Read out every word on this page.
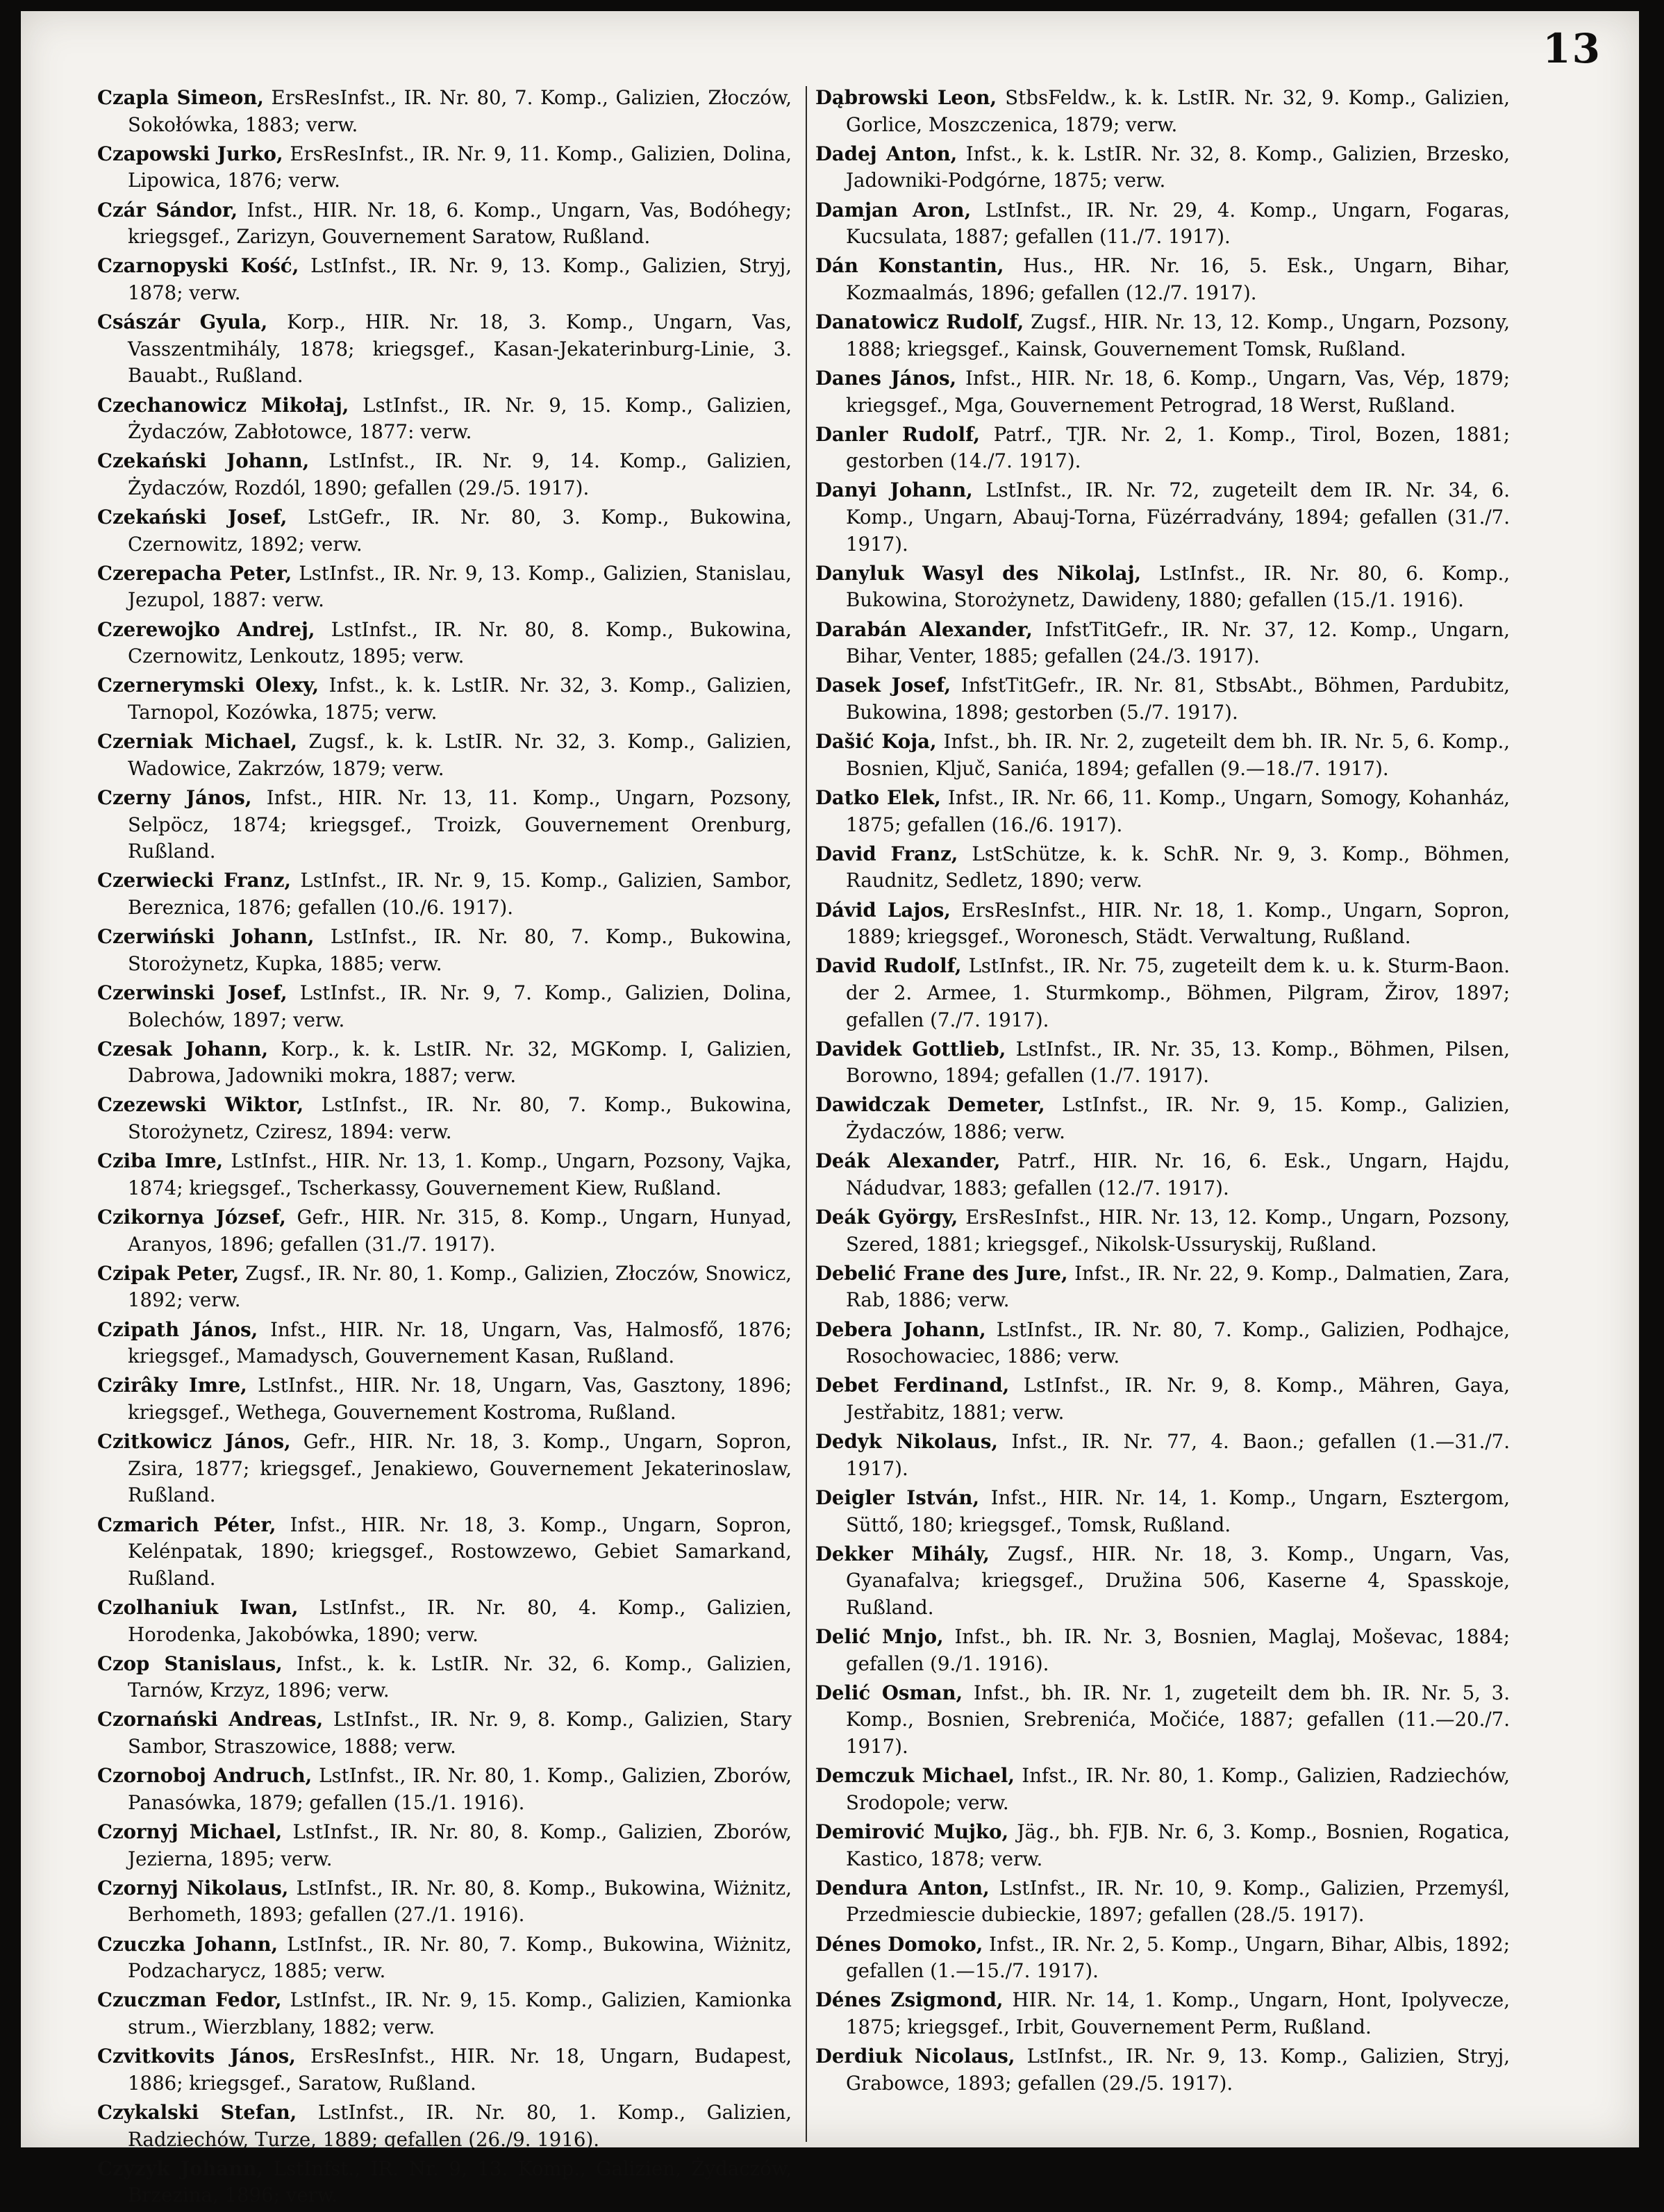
13

Czapla Simeon, ErsResInfst., IR. Nr. 80, 7. Komp., Galizien, Złoczów, Sokołówka, 1883; verw.

Czapowski Jurko, ErsResInfst., IR. Nr. 9, 11. Komp., Galizien, Dolina, Lipowica, 1876; verw.

Czár Sándor, Infst., HIR. Nr. 18, 6. Komp., Ungarn, Vas, Bodóhegy; kriegsgef., Zarizyn, Gouvernement Saratow, Rußland.

Czarnopyski Kość, LstInfst., IR. Nr. 9, 13. Komp., Galizien, Stryj, 1878; verw.

Császár Gyula, Korp., HIR. Nr. 18, 3. Komp., Ungarn, Vas, Vasszentmihály, 1878; kriegsgef., Kasan-Jekaterinburg-Linie, 3. Bauabt., Rußland.

Czechanowicz Mikołaj, LstInfst., IR. Nr. 9, 15. Komp., Galizien, Żydaczów, Zabłotowce, 1877: verw.

Czekański Johann, LstInfst., IR. Nr. 9, 14. Komp., Galizien, Żydaczów, Rozdól, 1890; gefallen (29./5. 1917).

Czekański Josef, LstGefr., IR. Nr. 80, 3. Komp., Bukowina, Czernowitz, 1892; verw.

Czerepacha Peter, LstInfst., IR. Nr. 9, 13. Komp., Galizien, Stanislau, Jezupol, 1887: verw.

Czerewojko Andrej, LstInfst., IR. Nr. 80, 8. Komp., Bukowina, Czernowitz, Lenkoutz, 1895; verw.

Czernerymski Olexy, Infst., k. k. LstIR. Nr. 32, 3. Komp., Galizien, Tarnopol, Kozówka, 1875; verw.

Czerniak Michael, Zugsf., k. k. LstIR. Nr. 32, 3. Komp., Galizien, Wadowice, Zakrzów, 1879; verw.

Czerny János, Infst., HIR. Nr. 13, 11. Komp., Ungarn, Pozsony, Selpöcz, 1874; kriegsgef., Troizk, Gouvernement Orenburg, Rußland.

Czerwiecki Franz, LstInfst., IR. Nr. 9, 15. Komp., Galizien, Sambor, Bereznica, 1876; gefallen (10./6. 1917).

Czerwiński Johann, LstInfst., IR. Nr. 80, 7. Komp., Bukowina, Storożynetz, Kupka, 1885; verw.

Czerwinski Josef, LstInfst., IR. Nr. 9, 7. Komp., Galizien, Dolina, Bolechów, 1897; verw.

Czesak Johann, Korp., k. k. LstIR. Nr. 32, MGKomp. I, Galizien, Dabrowa, Jadowniki mokra, 1887; verw.

Czezewski Wiktor, LstInfst., IR. Nr. 80, 7. Komp., Bukowina, Storożynetz, Cziresz, 1894: verw.

Cziba Imre, LstInfst., HIR. Nr. 13, 1. Komp., Ungarn, Pozsony, Vajka, 1874; kriegsgef., Tscherkassy, Gouvernement Kiew, Rußland.

Czikornya József, Gefr., HIR. Nr. 315, 8. Komp., Ungarn, Hunyad, Aranyos, 1896; gefallen (31./7. 1917).

Czipak Peter, Zugsf., IR. Nr. 80, 1. Komp., Galizien, Złoczów, Snowicz, 1892; verw.

Czipath János, Infst., HIR. Nr. 18, Ungarn, Vas, Halmosfő, 1876; kriegsgef., Mamadysch, Gouvernement Kasan, Rußland.

Czirâky Imre, LstInfst., HIR. Nr. 18, Ungarn, Vas, Gasztony, 1896; kriegsgef., Wethega, Gouvernement Kostroma, Rußland.

Czitkowicz János, Gefr., HIR. Nr. 18, 3. Komp., Ungarn, Sopron, Zsira, 1877; kriegsgef., Jenakiewo, Gouvernement Jekaterinoslaw, Rußland.

Czmarich Péter, Infst., HIR. Nr. 18, 3. Komp., Ungarn, Sopron, Kelénpatak, 1890; kriegsgef., Rostowzewo, Gebiet Samarkand, Rußland.

Czolhaniuk Iwan, LstInfst., IR. Nr. 80, 4. Komp., Galizien, Horodenka, Jakobówka, 1890; verw.

Czop Stanislaus, Infst., k. k. LstIR. Nr. 32, 6. Komp., Galizien, Tarnów, Krzyz, 1896; verw.

Czornański Andreas, LstInfst., IR. Nr. 9, 8. Komp., Galizien, Stary Sambor, Straszowice, 1888; verw.

Czornoboj Andruch, LstInfst., IR. Nr. 80, 1. Komp., Galizien, Zborów, Panasówka, 1879; gefallen (15./1. 1916).

Czornyj Michael, LstInfst., IR. Nr. 80, 8. Komp., Galizien, Zborów, Jezierna, 1895; verw.

Czornyj Nikolaus, LstInfst., IR. Nr. 80, 8. Komp., Bukowina, Wiżnitz, Berhometh, 1893; gefallen (27./1. 1916).

Czuczka Johann, LstInfst., IR. Nr. 80, 7. Komp., Bukowina, Wiżnitz, Podzacharycz, 1885; verw.

Czuczman Fedor, LstInfst., IR. Nr. 9, 15. Komp., Galizien, Kamionka strum., Wierzblany, 1882; verw.

Czvitkovits János, ErsResInfst., HIR. Nr. 18, Ungarn, Budapest, 1886; kriegsgef., Saratow, Rußland.

Czykalski Stefan, LstInfst., IR. Nr. 80, 1. Komp., Galizien, Radziechów, Turze, 1889; gefallen (26./9. 1916).

Czyzyk Johann, LstInfst., IR. Nr. 9, 13. Komp., Galizien, Żydaczów, Brzezina, 1896; verw.

Dąbrowski Leon, StbsFeldw., k. k. LstIR. Nr. 32, 9. Komp., Galizien, Gorlice, Moszczenica, 1879; verw.

Dadej Anton, Infst., k. k. LstIR. Nr. 32, 8. Komp., Galizien, Brzesko, Jadowniki-Podgórne, 1875; verw.

Damjan Aron, LstInfst., IR. Nr. 29, 4. Komp., Ungarn, Fogaras, Kucsulata, 1887; gefallen (11./7. 1917).

Dán Konstantin, Hus., HR. Nr. 16, 5. Esk., Ungarn, Bihar, Kozmaalmás, 1896; gefallen (12./7. 1917).

Danatowicz Rudolf, Zugsf., HIR. Nr. 13, 12. Komp., Ungarn, Pozsony, 1888; kriegsgef., Kainsk, Gouvernement Tomsk, Rußland.

Danes János, Infst., HIR. Nr. 18, 6. Komp., Ungarn, Vas, Vép, 1879; kriegsgef., Mga, Gouvernement Petrograd, 18 Werst, Rußland.

Danler Rudolf, Patrf., TJR. Nr. 2, 1. Komp., Tirol, Bozen, 1881; gestorben (14./7. 1917).

Danyi Johann, LstInfst., IR. Nr. 72, zugeteilt dem IR. Nr. 34, 6. Komp., Ungarn, Abauj-Torna, Füzérradvány, 1894; gefallen (31./7. 1917).

Danyluk Wasyl des Nikolaj, LstInfst., IR. Nr. 80, 6. Komp., Bukowina, Storożynetz, Dawideny, 1880; gefallen (15./1. 1916).

Darabán Alexander, InfstTitGefr., IR. Nr. 37, 12. Komp., Ungarn, Bihar, Venter, 1885; gefallen (24./3. 1917).

Dasek Josef, InfstTitGefr., IR. Nr. 81, StbsAbt., Böhmen, Pardubitz, Bukowina, 1898; gestorben (5./7. 1917).

Dašić Koja, Infst., bh. IR. Nr. 2, zugeteilt dem bh. IR. Nr. 5, 6. Komp., Bosnien, Ključ, Sanića, 1894; gefallen (9.—18./7. 1917).

Datko Elek, Infst., IR. Nr. 66, 11. Komp., Ungarn, Somogy, Kohanház, 1875; gefallen (16./6. 1917).

David Franz, LstSchütze, k. k. SchR. Nr. 9, 3. Komp., Böhmen, Raudnitz, Sedletz, 1890; verw.

Dávid Lajos, ErsResInfst., HIR. Nr. 18, 1. Komp., Ungarn, Sopron, 1889; kriegsgef., Woronesch, Städt. Verwaltung, Rußland.

David Rudolf, LstInfst., IR. Nr. 75, zugeteilt dem k. u. k. Sturm-Baon. der 2. Armee, 1. Sturmkomp., Böhmen, Pilgram, Žirov, 1897; gefallen (7./7. 1917).

Davidek Gottlieb, LstInfst., IR. Nr. 35, 13. Komp., Böhmen, Pilsen, Borowno, 1894; gefallen (1./7. 1917).

Dawidczak Demeter, LstInfst., IR. Nr. 9, 15. Komp., Galizien, Żydaczów, 1886; verw.

Deák Alexander, Patrf., HIR. Nr. 16, 6. Esk., Ungarn, Hajdu, Nádudvar, 1883; gefallen (12./7. 1917).

Deák György, ErsResInfst., HIR. Nr. 13, 12. Komp., Ungarn, Pozsony, Szered, 1881; kriegsgef., Nikolsk-Ussuryskij, Rußland.

Debelić Frane des Jure, Infst., IR. Nr. 22, 9. Komp., Dalmatien, Zara, Rab, 1886; verw.

Debera Johann, LstInfst., IR. Nr. 80, 7. Komp., Galizien, Podhajce, Rosochowaciec, 1886; verw.

Debet Ferdinand, LstInfst., IR. Nr. 9, 8. Komp., Mähren, Gaya, Jestřabitz, 1881; verw.

Dedyk Nikolaus, Infst., IR. Nr. 77, 4. Baon.; gefallen (1.—31./7. 1917).

Deigler István, Infst., HIR. Nr. 14, 1. Komp., Ungarn, Esztergom, Süttő, 180; kriegsgef., Tomsk, Rußland.

Dekker Mihály, Zugsf., HIR. Nr. 18, 3. Komp., Ungarn, Vas, Gyanafalva; kriegsgef., Družina 506, Kaserne 4, Spasskoje, Rußland.

Delić Mnjo, Infst., bh. IR. Nr. 3, Bosnien, Maglaj, Moševac, 1884; gefallen (9./1. 1916).

Delić Osman, Infst., bh. IR. Nr. 1, zugeteilt dem bh. IR. Nr. 5, 3. Komp., Bosnien, Srebrenića, Močiće, 1887; gefallen (11.—20./7. 1917).

Demczuk Michael, Infst., IR. Nr. 80, 1. Komp., Galizien, Radziechów, Srodopole; verw.

Demirović Mujko, Jäg., bh. FJB. Nr. 6, 3. Komp., Bosnien, Rogatica, Kastico, 1878; verw.

Dendura Anton, LstInfst., IR. Nr. 10, 9. Komp., Galizien, Przemyśl, Przedmiescie dubieckie, 1897; gefallen (28./5. 1917).

Dénes Domoko, Infst., IR. Nr. 2, 5. Komp., Ungarn, Bihar, Albis, 1892; gefallen (1.—15./7. 1917).

Dénes Zsigmond, HIR. Nr. 14, 1. Komp., Ungarn, Hont, Ipolyvecze, 1875; kriegsgef., Irbit, Gouvernement Perm, Rußland.

Derdiuk Nicolaus, LstInfst., IR. Nr. 9, 13. Komp., Galizien, Stryj, Grabowce, 1893; gefallen (29./5. 1917).
